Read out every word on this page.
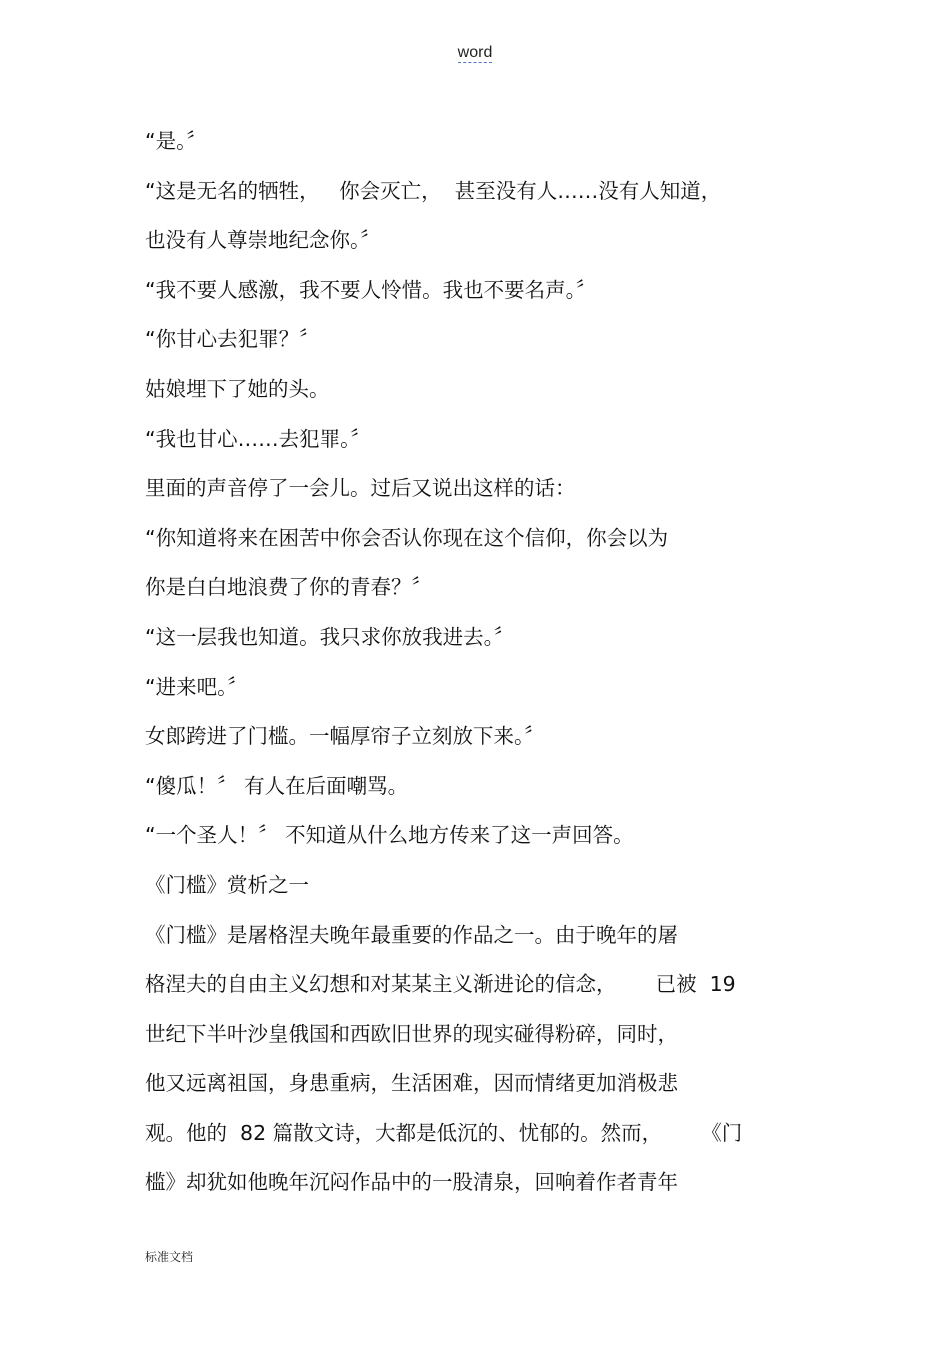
word
“是。〞
“这是无名的牺牲，   你会灭亡，  甚至没有人……没有人知道，
也没有人尊崇地纪念你。〞
“我不要人感激，我不要人怜惜。我也不要名声。〞
“你甘心去犯罪？〞
姑娘埋下了她的头。
“我也甘心……去犯罪。〞
里面的声音停了一会儿。过后又说出这样的话：
“你知道将来在困苦中你会否认你现在这个信仰，你会以为
你是白白地浪费了你的青春？〞
“这一层我也知道。我只求你放我进去。〞
“进来吧。〞
女郎跨进了门槛。一幅厚帘子立刻放下来。〞
“傻瓜！〞 有人在后面嘲骂。
“一个圣人！〞 不知道从什么地方传来了这一声回答。
《门槛》赏析之一
《门槛》是屠格涅夫晚年最重要的作品之一。由于晚年的屠
格涅夫的自由主义幻想和对某某主义渐进论的信念，      已被  19
世纪下半叶沙皇俄国和西欧旧世界的现实碰得粉碎，同时，
他又远离祖国，身患重病，生活困难，因而情绪更加消极悲
观。他的  82 篇散文诗，大都是低沉的、忧郁的。然而，      《门
槛》却犹如他晚年沉闷作品中的一股清泉，回响着作者青年
标准文档
